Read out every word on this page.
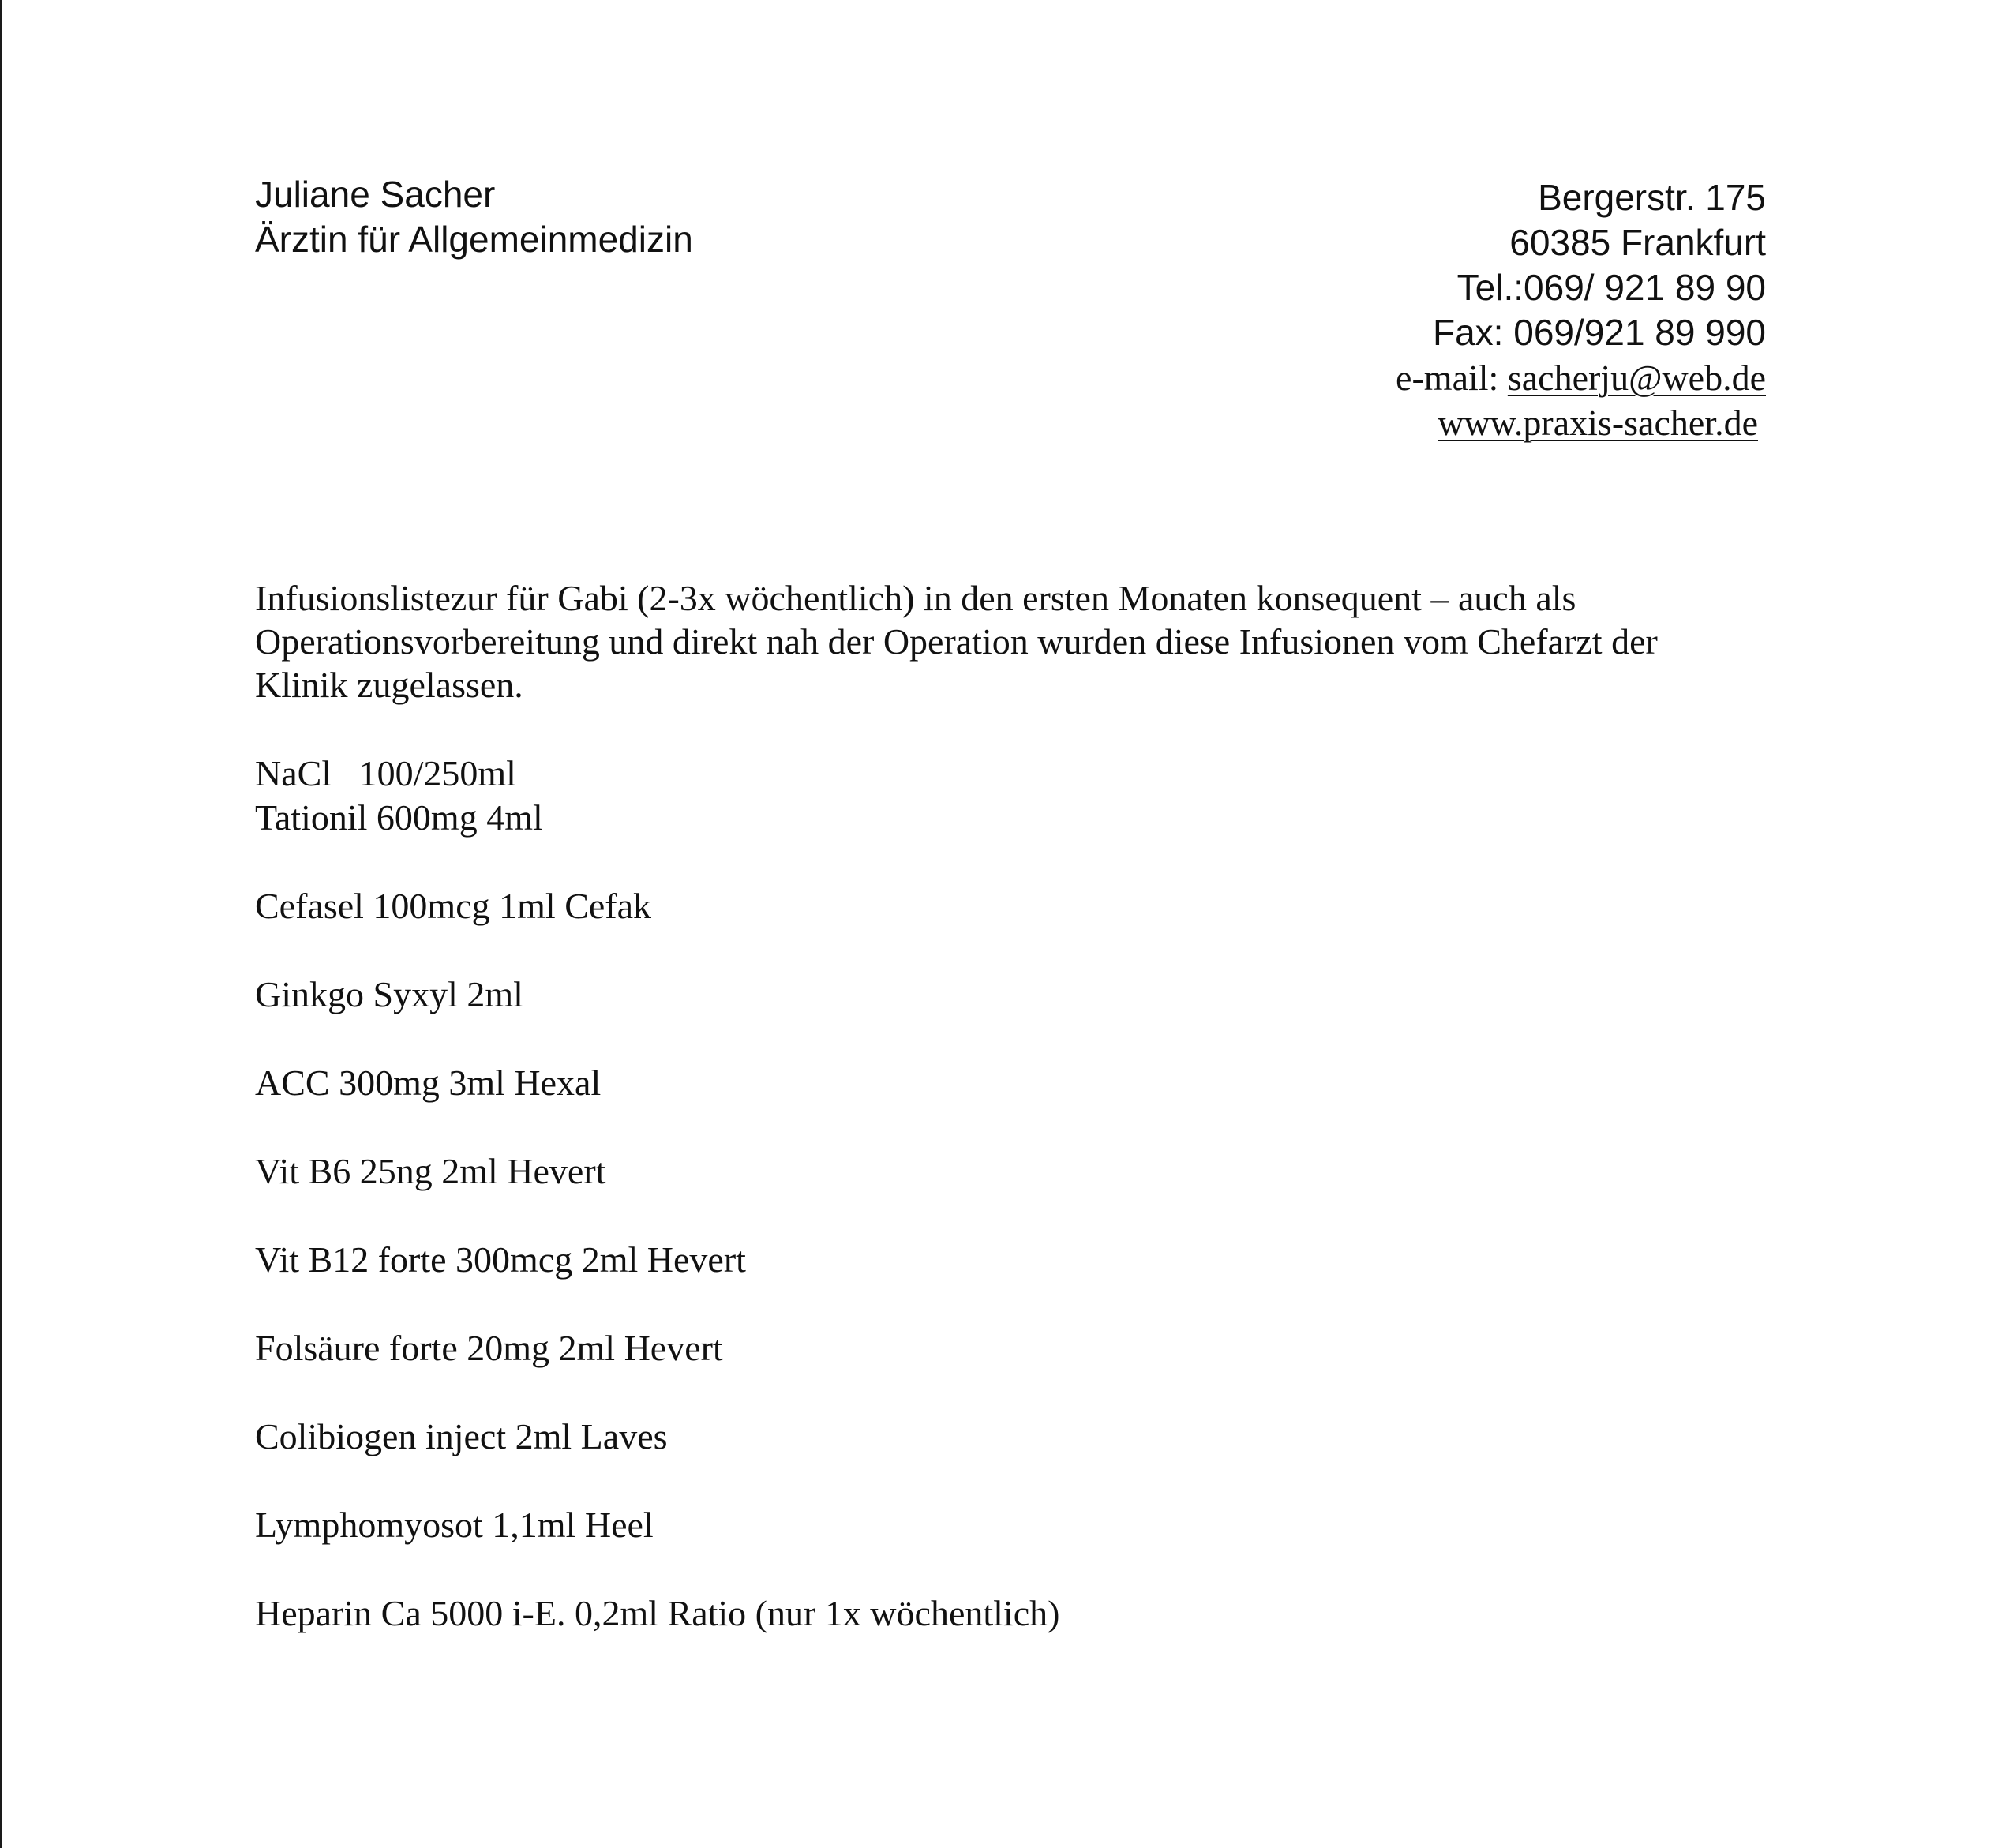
Juliane Sacher
Ärztin für Allgemeinmedizin
Bergerstr. 175
60385 Frankfurt
Tel.:069/ 921 89 90
Fax: 069/921 89 990
e-mail: sacherju@web.de
www.praxis-sacher.de
Infusionslistezur für Gabi (2-3x wöchentlich) in den ersten Monaten konsequent – auch als
Operationsvorbereitung und direkt nah der Operation wurden diese Infusionen vom Chefarzt der
Klinik zugelassen.
NaCl   100/250ml
Tationil 600mg 4ml
Cefasel 100mcg 1ml Cefak
Ginkgo Syxyl 2ml
ACC 300mg 3ml Hexal
Vit B6 25ng 2ml Hevert
Vit B12 forte 300mcg 2ml Hevert
Folsäure forte 20mg 2ml Hevert
Colibiogen inject 2ml Laves
Lymphomyosot 1,1ml Heel
Heparin Ca 5000 i-E. 0,2ml Ratio (nur 1x wöchentlich)
